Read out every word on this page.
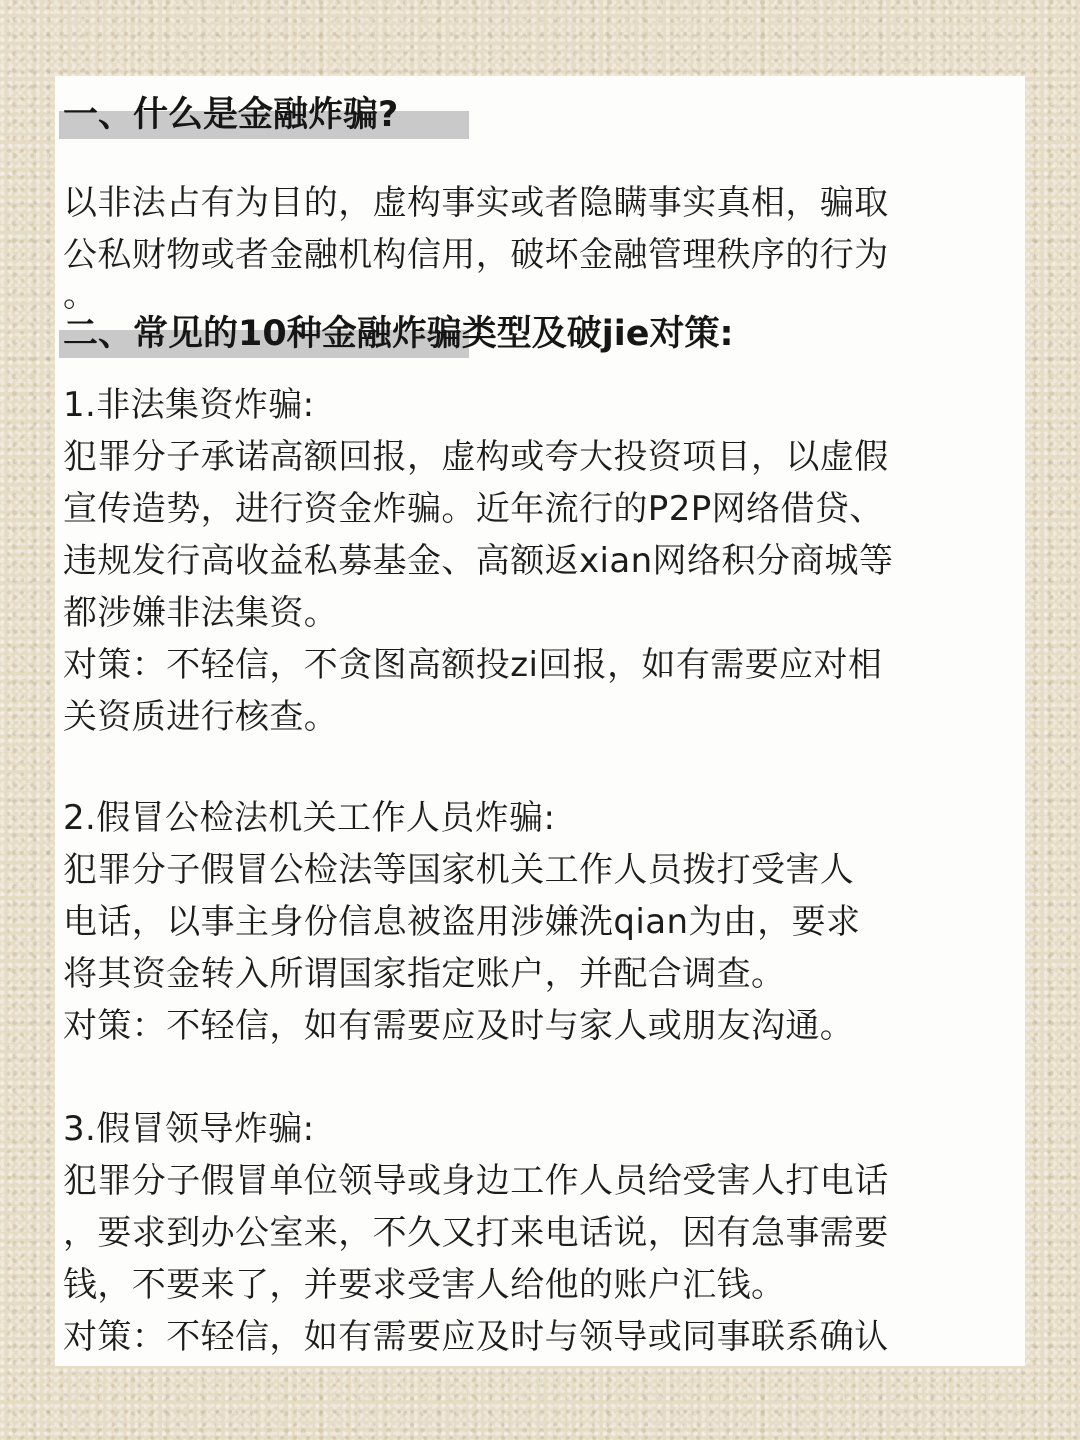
一、什么是金融炸骗?

以非法占有为目的，虚构事实或者隐瞒事实真相，骗取
公私财物或者金融机构信用，破坏金融管理秩序的行为

。

二、常见的10种金融炸骗类型及破jie对策:
1.非法集资炸骗:
犯罪分子承诺高额回报，虚构或夸大投资项目，以虚假
宣传造势，进行资金炸骗。近年流行的P2P网络借贷、
违规发行高收益私募基金、高额返xian网络积分商城等
都涉嫌非法集资。
对策：不轻信，不贪图高额投zi回报，如有需要应对相
关资质进行核查。
2.假冒公检法机关工作人员炸骗:
犯罪分子假冒公检法等国家机关工作人员拨打受害人
电话，以事主身份信息被盗用涉嫌洗qian为由，要求
将其资金转入所谓国家指定账户，并配合调查。
对策：不轻信，如有需要应及时与家人或朋友沟通。
3.假冒领导炸骗:
犯罪分子假冒单位领导或身边工作人员给受害人打电话
，要求到办公室来，不久又打来电话说，因有急事需要
钱，不要来了，并要求受害人给他的账户汇钱。
对策：不轻信，如有需要应及时与领导或同事联系确认
